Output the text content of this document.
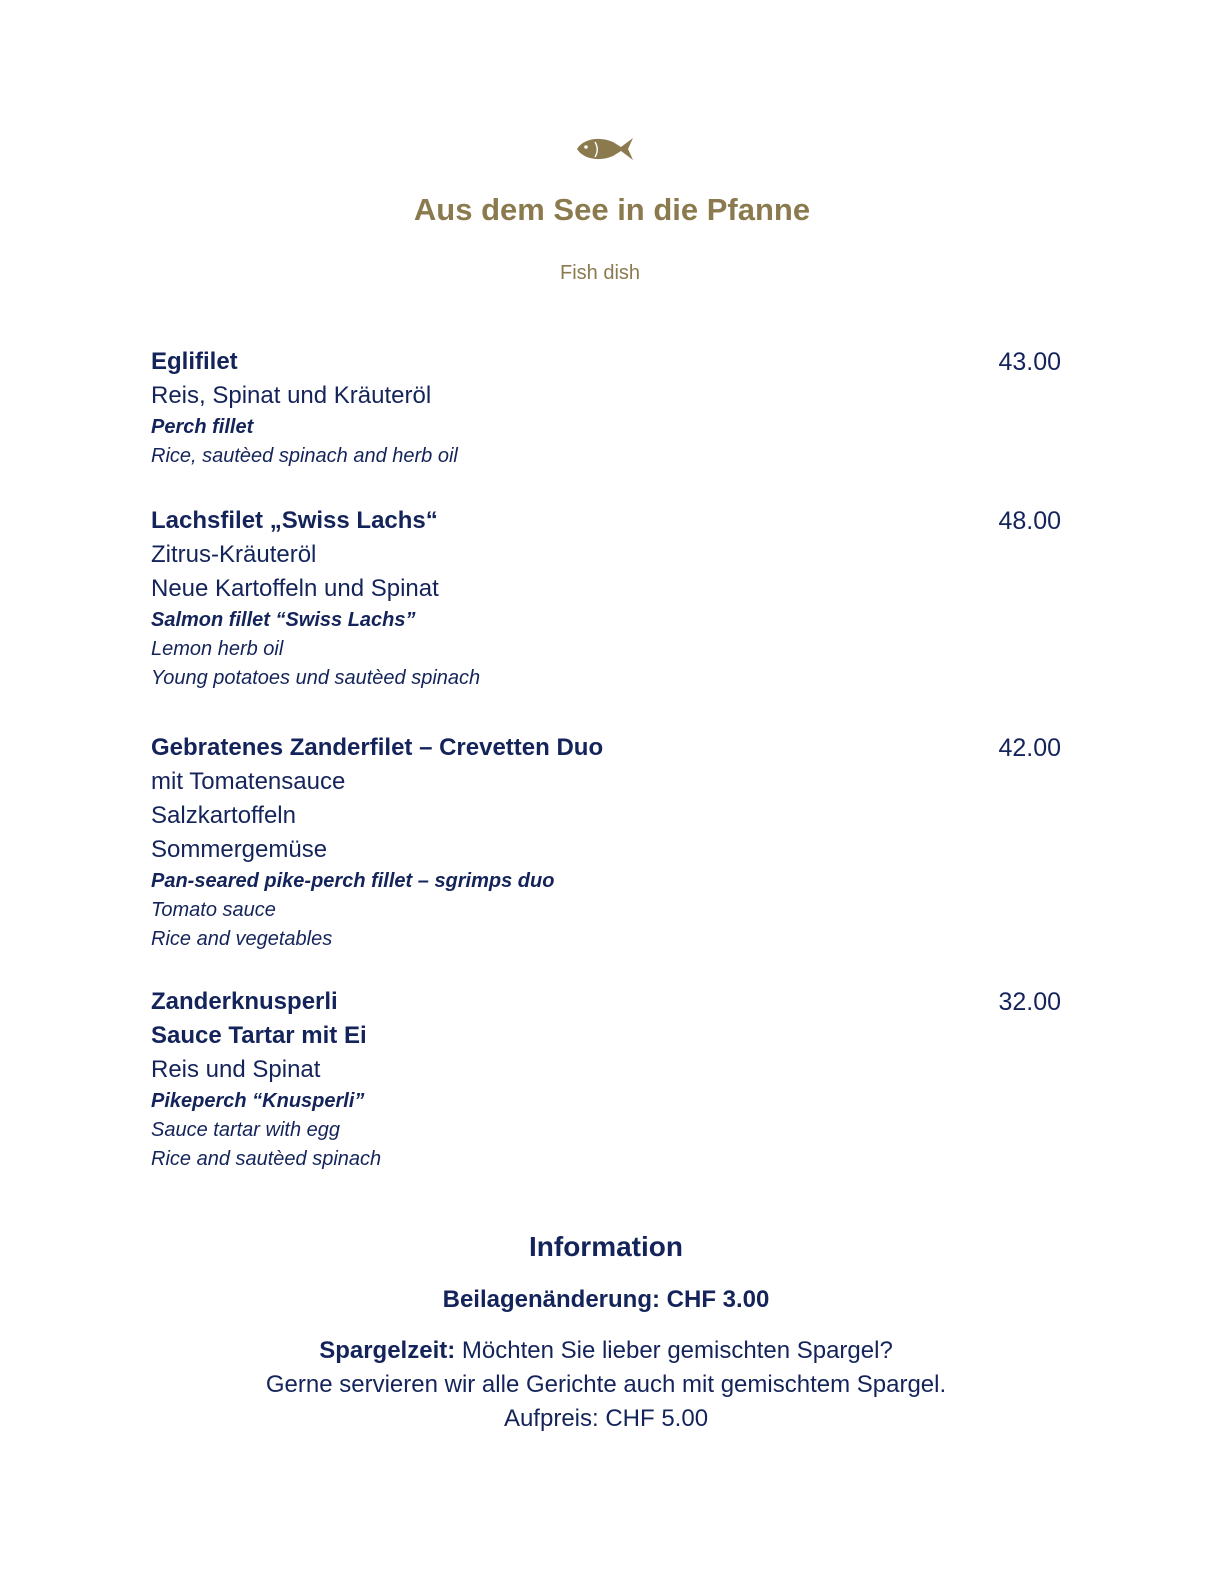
Aus dem See in die Pfanne
Fish dish
43.00

Eglifilet

Reis, Spinat und Kräuteröl

Perch fillet

Rice, sautèed spinach and herb oil

48.00

Lachsfilet „Swiss Lachs“

Zitrus-Kräuteröl

Neue Kartoffeln und Spinat

Salmon fillet “Swiss Lachs”

Lemon herb oil

Young potatoes und sautèed spinach

42.00

Gebratenes Zanderfilet – Crevetten Duo

mit Tomatensauce

Salzkartoffeln

Sommergemüse

Pan-seared pike-perch fillet – sgrimps duo

Tomato sauce

Rice and vegetables

32.00

Zanderknusperli

Sauce Tartar mit Ei

Reis und Spinat

Pikeperch “Knusperli”

Sauce tartar with egg

Rice and sautèed spinach

Information
Beilagenänderung: CHF 3.00
Spargelzeit: Möchten Sie lieber gemischten Spargel?
Gerne servieren wir alle Gerichte auch mit gemischtem Spargel.
Aufpreis: CHF 5.00
